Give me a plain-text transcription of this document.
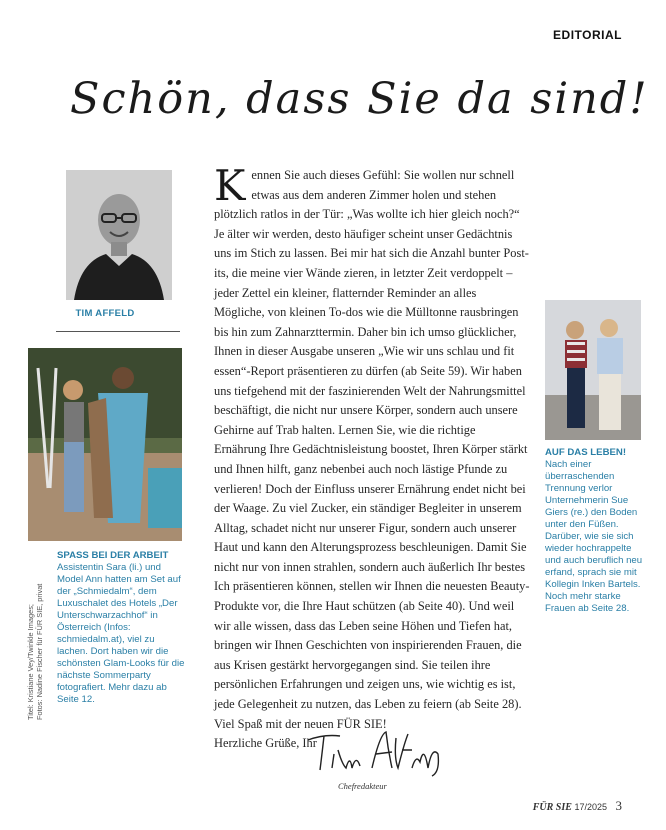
EDITORIAL
Schön, dass Sie da sind!
TIM AFFELD
SPASS BEI DER ARBEIT
Assistentin Sara (li.) und Model Ann hatten am Set auf der „Schmiedalm“, dem Luxuschalet des Hotels „Der Unterschwarzachhof“ in Österreich (Infos: schmiedalm.at), viel zu lachen. Dort haben wir die schönsten Glam-Looks für die nächste Sommerparty fotografiert. Mehr dazu ab Seite 12.
Titel: Kristiane Vey/Twinkle Images; Fotos: Nadine Fischer für FÜR SIE, privat
K ennen Sie auch dieses Gefühl: Sie wollen nur schnell etwas aus dem anderen Zimmer holen und stehen plötzlich ratlos in der Tür: „Was wollte ich hier gleich noch?“ Je älter wir werden, desto häufiger scheint unser Gedächtnis uns im Stich zu lassen. Bei mir hat sich die Anzahl bunter Post-its, die meine vier Wände zieren, in letzter Zeit verdoppelt – jeder Zettel ein kleiner, flatternder Reminder an alles Mögliche, von kleinen To-dos wie die Mülltonne rausbringen bis hin zum Zahnarzttermin. Daher bin ich umso glücklicher, Ihnen in dieser Ausgabe unseren „Wie wir uns schlau und fit essen“-Report präsentieren zu dürfen (ab Seite 59). Wir haben uns tiefgehend mit der faszinierenden Welt der Nahrungsmittel beschäftigt, die nicht nur unsere Körper, sondern auch unsere Gehirne auf Trab halten. Lernen Sie, wie die richtige Ernährung Ihre Gedächtnisleistung boostet, Ihren Körper stärkt und Ihnen hilft, ganz nebenbei auch noch lästige Pfunde zu verlieren! Doch der Einfluss unserer Ernährung endet nicht bei der Waage. Zu viel Zucker, ein ständiger Begleiter in unserem Alltag, schadet nicht nur unserer Figur, sondern auch unserer Haut und kann den Alterungsprozess beschleunigen. Damit Sie nicht nur von innen strahlen, sondern auch äußerlich Ihr bestes Ich präsentieren können, stellen wir Ihnen die neuesten Beauty-Produkte vor, die Ihre Haut schützen (ab Seite 40). Und weil wir alle wissen, dass das Leben seine Höhen und Tiefen hat, bringen wir Ihnen Geschichten von inspirierenden Frauen, die aus Krisen gestärkt hervorgegangen sind. Sie teilen ihre persönlichen Erfahrungen und zeigen uns, wie wichtig es ist, jede Gelegenheit zu nutzen, das Leben zu feiern (ab Seite 28).

Viel Spaß mit der neuen FÜR SIE!

Herzliche Grüße, Ihr

Chefredakteur
AUF DAS LEBEN!
Nach einer überraschenden Trennung verlor Unternehmerin Sue Giers (re.) den Boden unter den Füßen. Darüber, wie sie sich wieder hochrappelte und auch beruflich neu erfand, sprach sie mit Kollegin Inken Bartels. Noch mehr starke Frauen ab Seite 28.
FÜR SIE 17/2025 3
